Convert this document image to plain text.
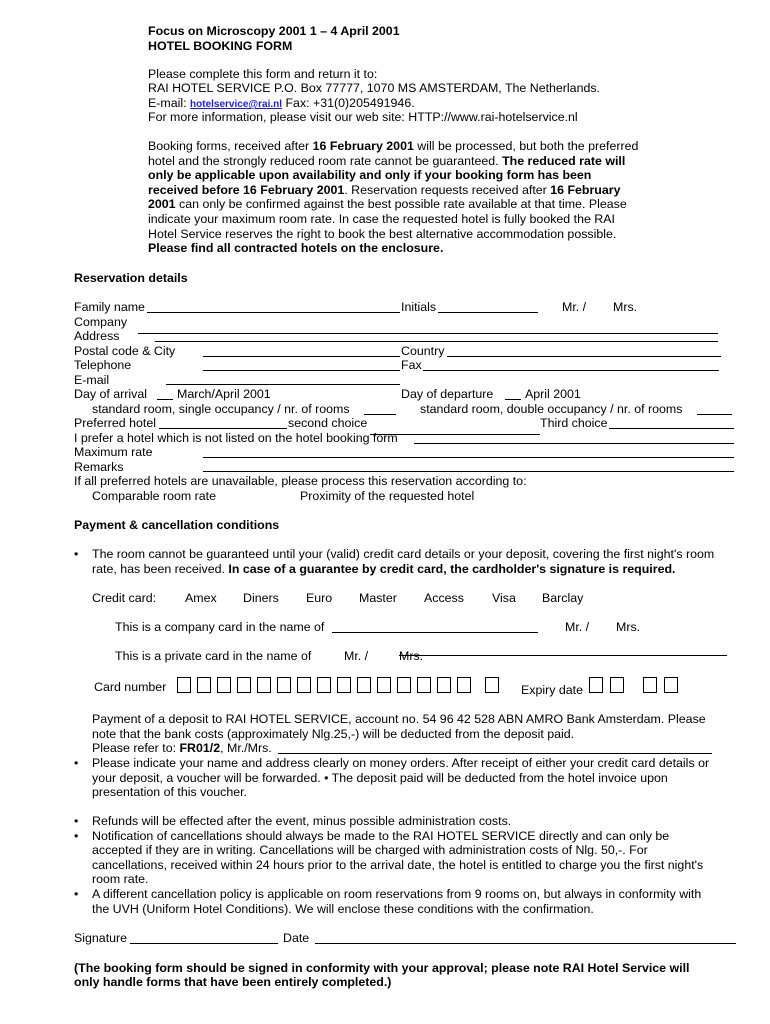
Focus on Microscopy 2001 1 – 4 April 2001
HOTEL BOOKING FORM
Please complete this form and return it to:
RAI HOTEL SERVICE P.O. Box 77777, 1070 MS AMSTERDAM, The Netherlands.
E-mail: hotelservice@rai.nl Fax: +31(0)205491946.
For more information, please visit our web site: HTTP://www.rai-hotelservice.nl
Booking forms, received after 16 February 2001 will be processed, but both the preferred
hotel and the strongly reduced room rate cannot be guaranteed. The reduced rate will
only be applicable upon availability and only if your booking form has been
received before 16 February 2001. Reservation requests received after 16 February
2001 can only be confirmed against the best possible rate available at that time. Please
indicate your maximum room rate. In case the requested hotel is fully booked the RAI
Hotel Service reserves the right to book the best alternative accommodation possible.
Please find all contracted hotels on the enclosure.
Reservation details
Family name	Initials	Mr. / Mrs.
Company
Address
Postal code & City	Country
Telephone	Fax
E-mail
Day of arrival March/April 2001	Day of departure	April 2001
standard room, single occupancy / nr. of rooms	standard room, double occupancy / nr. of rooms
Preferred hotel	second choice	Third choice
I prefer a hotel which is not listed on the hotel booking form
Maximum rate
Remarks
If all preferred hotels are unavailable, please process this reservation according to:
Comparable room rate	Proximity of the requested hotel
Payment & cancellation conditions
• The room cannot be guaranteed until your (valid) credit card details or your deposit, covering the first night's room
rate, has been received. In case of a guarantee by credit card, the cardholder's signature is required.
Credit card: Amex Diners Euro Master Access Visa Barclay
This is a company card in the name of	Mr. / Mrs.
This is a private card in the name of	Mr. / Mrs.
Card number	Expiry date
Payment of a deposit to RAI HOTEL SERVICE, account no. 54 96 42 528 ABN AMRO Bank Amsterdam. Please
note that the bank costs (approximately Nlg.25,-) will be deducted from the deposit paid.
Please refer to: FR01/2, Mr./Mrs.
• Please indicate your name and address clearly on money orders. After receipt of either your credit card details or
your deposit, a voucher will be forwarded. • The deposit paid will be deducted from the hotel invoice upon
presentation of this voucher.
• Refunds will be effected after the event, minus possible administration costs.
• Notification of cancellations should always be made to the RAI HOTEL SERVICE directly and can only be
accepted if they are in writing. Cancellations will be charged with administration costs of Nlg. 50,-. For
cancellations, received within 24 hours prior to the arrival date, the hotel is entitled to charge you the first night's
room rate.
• A different cancellation policy is applicable on room reservations from 9 rooms on, but always in conformity with
the UVH (Uniform Hotel Conditions). We will enclose these conditions with the confirmation.
Signature	Date
(The booking form should be signed in conformity with your approval; please note RAI Hotel Service will
only handle forms that have been entirely completed.)
